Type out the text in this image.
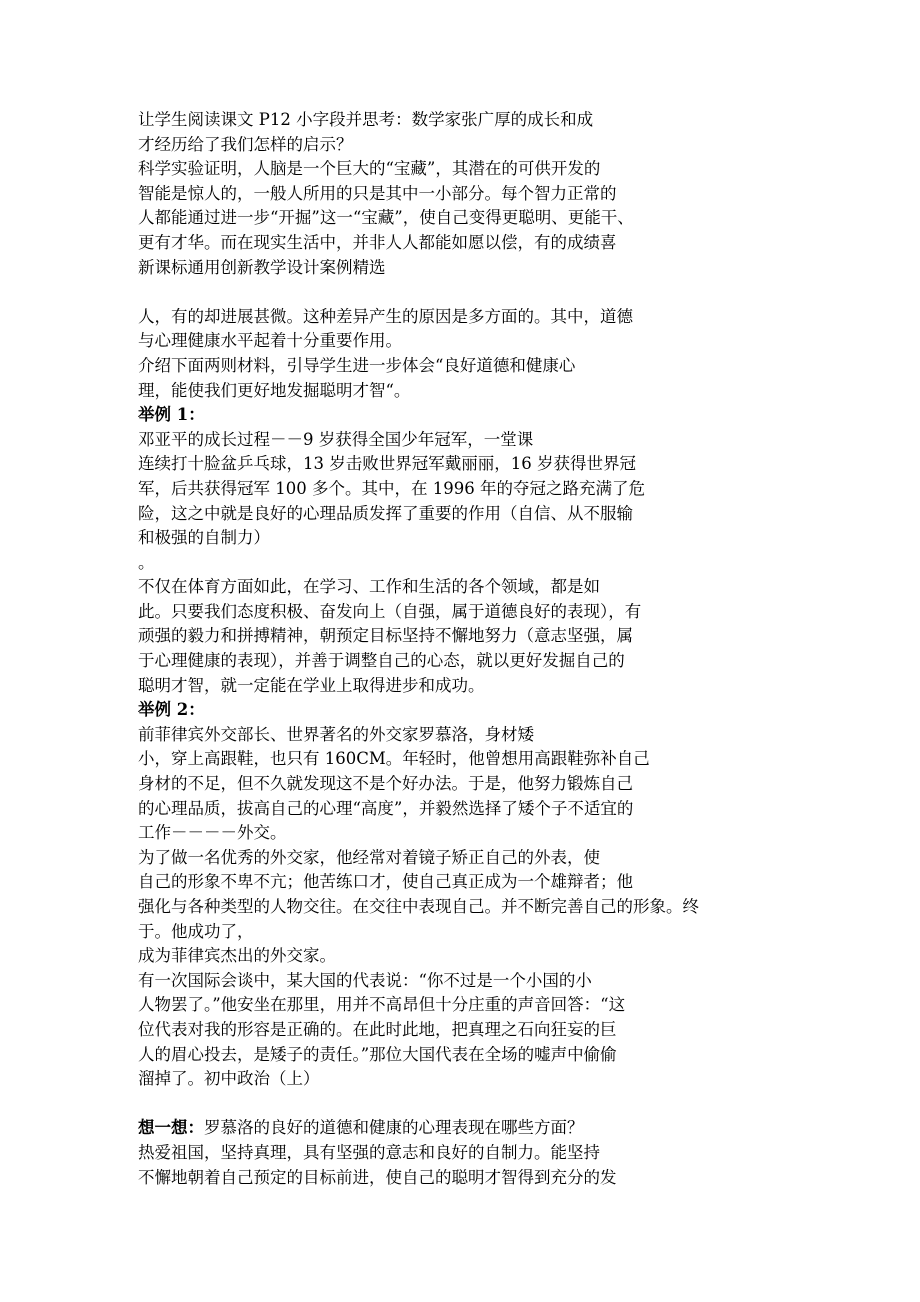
让学生阅读课文 P12 小字段并思考：数学家张广厚的成长和成
才经历给了我们怎样的启示？
科学实验证明，人脑是一个巨大的“宝藏”，其潜在的可供开发的
智能是惊人的，一般人所用的只是其中一小部分。每个智力正常的
人都能通过进一步“开掘”这一“宝藏”，使自己变得更聪明、更能干、
更有才华。而在现实生活中，并非人人都能如愿以偿，有的成绩喜
新课标通用创新教学设计案例精选
人，有的却进展甚微。这种差异产生的原因是多方面的。其中，道德
与心理健康水平起着十分重要作用。
介绍下面两则材料，引导学生进一步体会“良好道德和健康心
理，能使我们更好地发掘聪明才智“。
举例 1：
邓亚平的成长过程－－9 岁获得全国少年冠军，一堂课
连续打十脸盆乒乓球，13 岁击败世界冠军戴丽丽，16 岁获得世界冠
军，后共获得冠军 100 多个。其中，在 1996 年的夺冠之路充满了危
险，这之中就是良好的心理品质发挥了重要的作用（自信、从不服输
和极强的自制力）
。
不仅在体育方面如此，在学习、工作和生活的各个领域，都是如
此。只要我们态度积极、奋发向上（自强，属于道德良好的表现），有
顽强的毅力和拼搏精神，朝预定目标坚持不懈地努力（意志坚强，属
于心理健康的表现），并善于调整自己的心态，就以更好发掘自己的
聪明才智，就一定能在学业上取得进步和成功。
举例 2：
前菲律宾外交部长、世界著名的外交家罗慕洛，身材矮
小，穿上高跟鞋，也只有 160CM。年轻时，他曾想用高跟鞋弥补自己
身材的不足，但不久就发现这不是个好办法。于是，他努力锻炼自己
的心理品质，拔高自己的心理“高度”，并毅然选择了矮个子不适宜的
工作－－－－外交。
为了做一名优秀的外交家，他经常对着镜子矫正自己的外表，使
自己的形象不卑不亢；他苦练口才，使自己真正成为一个雄辩者；他
强化与各种类型的人物交往。在交往中表现自己。并不断完善自己的形象。终
于。他成功了，
成为菲律宾杰出的外交家。
有一次国际会谈中，某大国的代表说：“你不过是一个小国的小
人物罢了。”他安坐在那里，用并不高昂但十分庄重的声音回答：“这
位代表对我的形容是正确的。在此时此地，把真理之石向狂妄的巨
人的眉心投去，是矮子的责任。”那位大国代表在全场的嘘声中偷偷
溜掉了。初中政治（上）
想一想：罗慕洛的良好的道德和健康的心理表现在哪些方面？
热爱祖国，坚持真理，具有坚强的意志和良好的自制力。能坚持
不懈地朝着自己预定的目标前进，使自己的聪明才智得到充分的发
